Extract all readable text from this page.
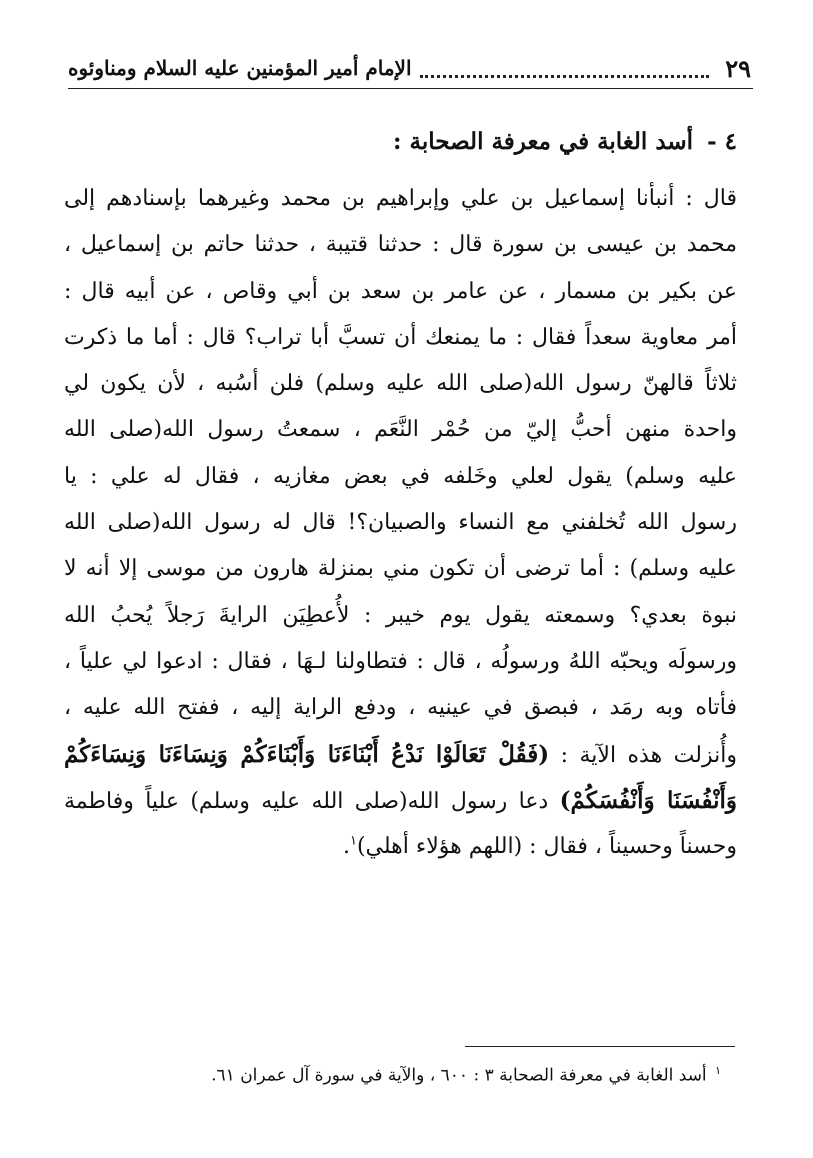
٢٩
الإمام أمير المؤمنين عليه السلام ومناوئوه
٤ - أسد الغابة في معرفة الصحابة :
قال : أنبأنا إسماعيل بن علي وإبراهيم بن محمد وغيرهما بإسنادهم إلى
محمد بن عيسى بن سورة قال : حدثنا قتيبة ، حدثنا حاتم بن إسماعيل ،
عن بكير بن مسمار ، عن عامر بن سعد بن أبي وقاص ، عن أبيه قال :
أمر معاوية سعداً فقال : ما يمنعك أن تسبَّ أبا تراب؟ قال : أما ما ذكرت
ثلاثاً قالهنّ رسول الله(صلى الله عليه وسلم) فلن أسُبه ، لأن يكون لي
واحدة منهن أحبُّ إليّ من حُمْر النَّعَم ، سمعتُ رسول الله(صلى الله
عليه وسلم) يقول لعلي وخَلفه في بعض مغازيه ، فقال له علي : يا
رسول الله تُخلفني مع النساء والصبيان؟! قال له رسول الله(صلى الله
عليه وسلم) : أما ترضى أن تكون مني بمنزلة هارون من موسى إلا أنه لا
نبوة بعدي؟ وسمعته يقول يوم خيبر : لأُعطِيَن الرايةَ رَجلاً يُحبُ الله
ورسولَه ويحبّه اللهُ ورسولُه ، قال : فتطاولنا لـهَا ، فقال : ادعوا لي علياً ،
فأتاه وبه رمَد ، فبصق في عينيه ، ودفع الراية إليه ، ففتح الله عليه ،
وأُنزلت هذه الآية : (فَقُلْ تَعَالَوْا نَدْعُ أَبْنَاءَنَا وَأَبْنَاءَكُمْ وَنِسَاءَنَا وَنِسَاءَكُمْ
وَأَنْفُسَنَا وَأَنْفُسَكُمْ) دعا رسول الله(صلى الله عليه وسلم) علياً وفاطمة
وحسناً وحسيناً ، فقال : (اللهم هؤلاء أهلي)$^١$.
$^١$ أسد الغابة في معرفة الصحابة ٣ : ٦٠٠ ، والآية في سورة آل عمران ٦١.
